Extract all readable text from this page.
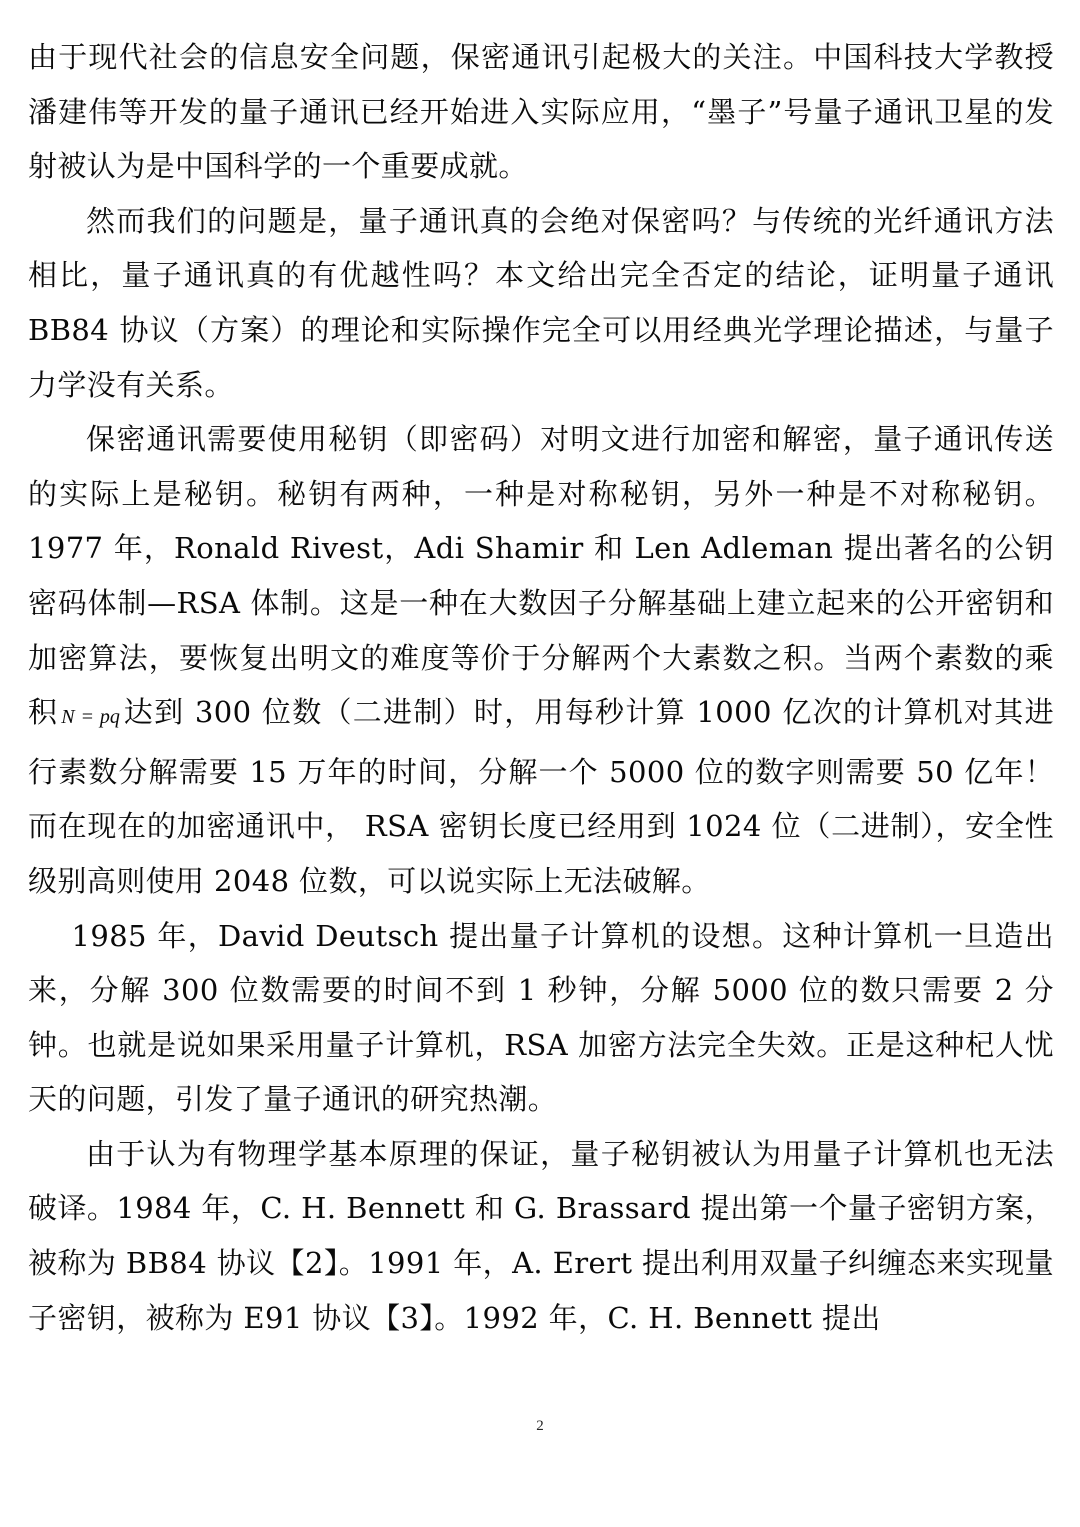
由于现代社会的信息安全问题，保密通讯引起极大的关注。中国科技大学教授潘建伟等开发的量子通讯已经开始进入实际应用，“墨子”号量子通讯卫星的发射被认为是中国科学的一个重要成就。

然而我们的问题是，量子通讯真的会绝对保密吗？与传统的光纤通讯方法相比，量子通讯真的有优越性吗？本文给出完全否定的结论，证明量子通讯 BB84 协议（方案）的理论和实际操作完全可以用经典光学理论描述，与量子力学没有关系。

保密通讯需要使用秘钥（即密码）对明文进行加密和解密，量子通讯传送的实际上是秘钥。秘钥有两种，一种是对称秘钥，另外一种是不对称秘钥。1977 年，Ronald Rivest，Adi Shamir 和 Len Adleman 提出著名的公钥密码体制—RSA 体制。这是一种在大数因子分解基础上建立起来的公开密钥和加密算法，要恢复出明文的难度等价于分解两个大素数之积。当两个素数的乘积 N = pq 达到 300 位数（二进制）时，用每秒计算 1000 亿次的计算机对其进行素数分解需要 15 万年的时间，分解一个 5000 位的数字则需要 50 亿年！而在现在的加密通讯中， RSA 密钥长度已经用到 1024 位（二进制），安全性级别高则使用 2048 位数，可以说实际上无法破解。

1985 年，David Deutsch 提出量子计算机的设想。这种计算机一旦造出来，分解 300 位数需要的时间不到 1 秒钟，分解 5000 位的数只需要 2 分钟。也就是说如果采用量子计算机，RSA 加密方法完全失效。正是这种杞人忧天的问题，引发了量子通讯的研究热潮。

由于认为有物理学基本原理的保证，量子秘钥被认为用量子计算机也无法破译。1984 年，C. H. Bennett 和 G. Brassard 提出第一个量子密钥方案，被称为 BB84 协议【2】。1991 年，A. Erert 提出利用双量子纠缠态来实现量子密钥，被称为 E91 协议【3】。1992 年，C. H. Bennett 提出

2
